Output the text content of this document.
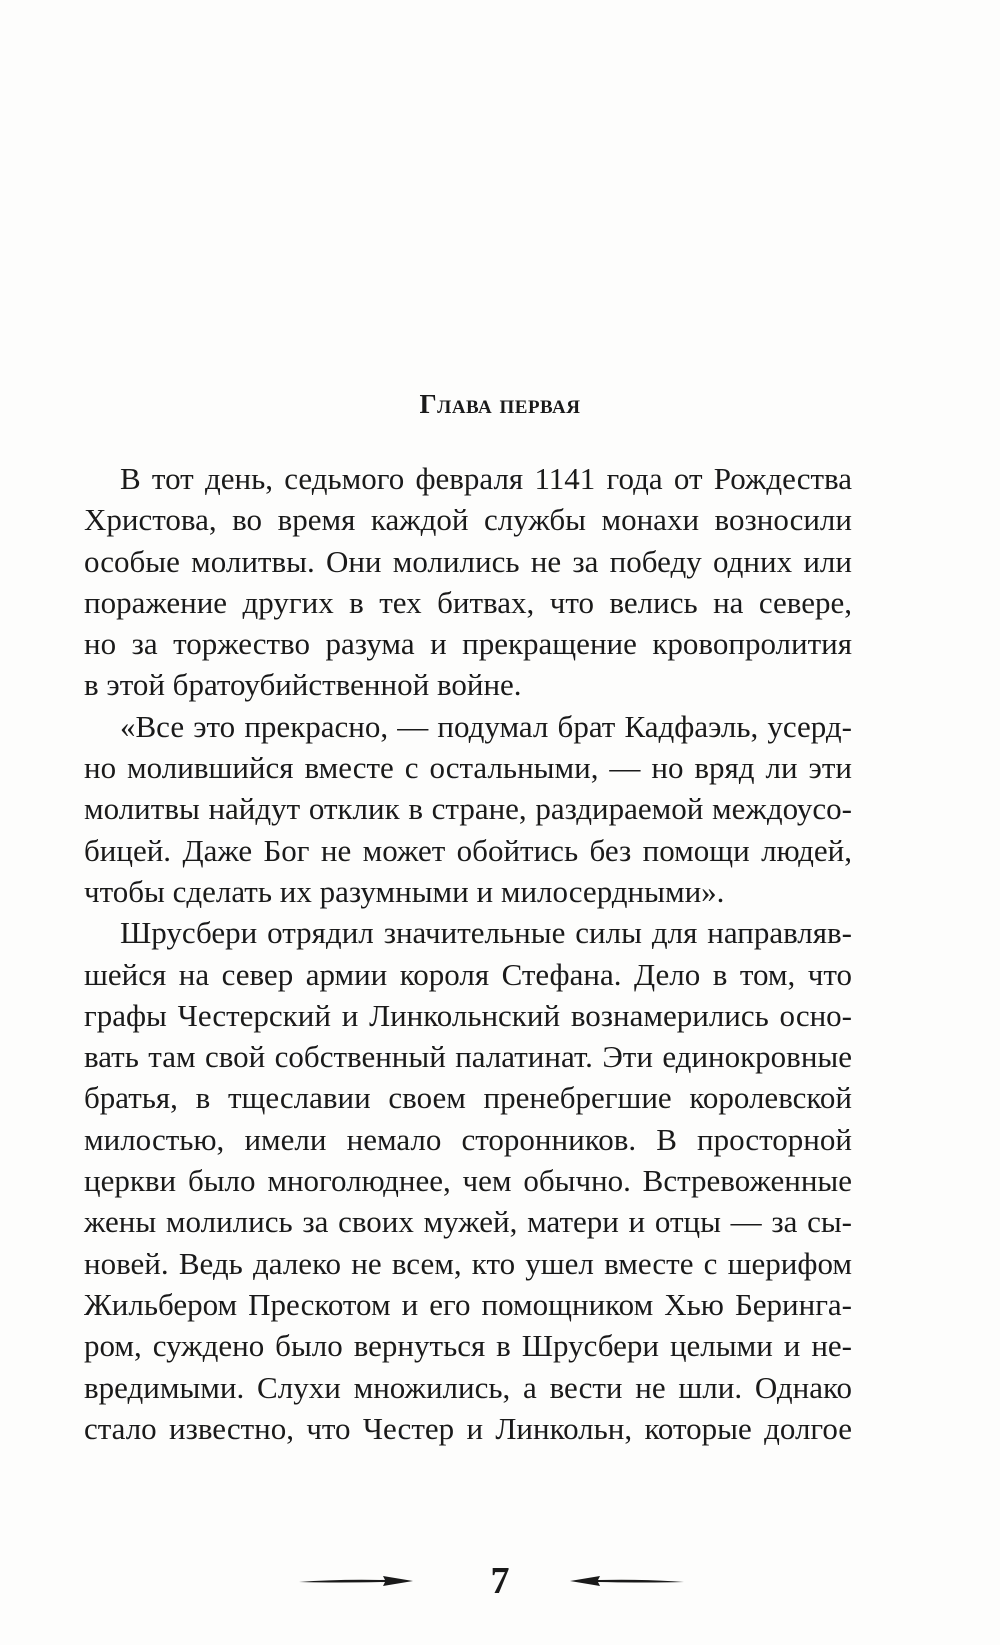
Глава первая
В тот день, седьмого февраля 1141 года от Рождества
Христова, во время каждой службы монахи возносили
особые молитвы. Они молились не за победу одних или
поражение других в тех битвах, что велись на севере,
но за торжество разума и прекращение кровопролития
в этой братоубийственной войне.
«Все это прекрасно, — подумал брат Кадфаэль, усерд-
но молившийся вместе с остальными, — но вряд ли эти
молитвы найдут отклик в стране, раздираемой междоусо-
бицей. Даже Бог не может обойтись без помощи людей,
чтобы сделать их разумными и милосердными».
Шрусбери отрядил значительные силы для направляв-
шейся на север армии короля Стефана. Дело в том, что
графы Честерский и Линкольнский вознамерились осно-
вать там свой собственный палатинат. Эти единокровные
братья, в тщеславии своем пренебрегшие королевской
милостью, имели немало сторонников. В просторной
церкви было многолюднее, чем обычно. Встревоженные
жены молились за своих мужей, матери и отцы — за сы-
новей. Ведь далеко не всем, кто ушел вместе с шерифом
Жильбером Прескотом и его помощником Хью Беринга-
ром, суждено было вернуться в Шрусбери целыми и не-
вредимыми. Слухи множились, а вести не шли. Однако
стало известно, что Честер и Линкольн, которые долгое
7
